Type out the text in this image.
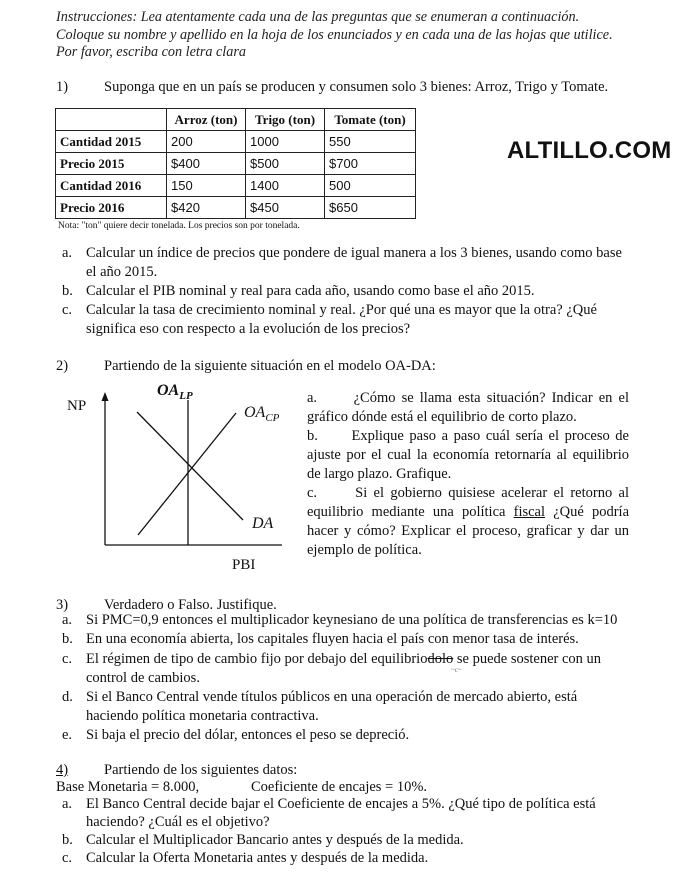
Instrucciones: Lea atentamente cada una de las preguntas que se enumeran a continuación.
Coloque su nombre y apellido en la hoja de los enunciados y en cada una de las hojas que utilice.
Por favor, escriba con letra clara
1) Suponga que en un país se producen y consumen solo 3 bienes: Arroz, Trigo y Tomate.
	Arroz (ton)	Trigo (ton)	Tomate (ton)
Cantidad 2015	200	1000	550
Precio 2015	$400	$500	$700
Cantidad 2016	150	1400	500
Precio 2016	$420	$450	$650
Nota: "ton" quiere decir tonelada. Los precios son por tonelada.
ALTILLO.COM
a. Calcular un índice de precios que pondere de igual manera a los 3 bienes, usando como base
el año 2015.
b. Calcular el PIB nominal y real para cada año, usando como base el año 2015.
c. Calcular la tasa de crecimiento nominal y real. ¿Por qué una es mayor que la otra? ¿Qué
significa eso con respecto a la evolución de los precios?
2) Partiendo de la siguiente situación en el modelo OA-DA:
NP
$OA_{LP}$
$OA_{CP}$
DA
PBI
a.	¿Cómo se llama esta situación? Indicar en el gráfico dónde está el equilibrio de corto plazo.
b. Explique paso a paso cuál sería el proceso de ajuste por el cual la economía retornaría al equilibrio de largo plazo. Grafique.
c.	Si el gobierno quisiese acelerar el retorno al equilibrio mediante una política fiscal ¿Qué podría hacer y cómo? Explicar el proceso, graficar y dar un ejemplo de política.
3) Verdadero o Falso. Justifique.
a. Si PMC=0,9 entonces el multiplicador keynesiano de una política de transferencias es k=10
b. En una economía abierta, los capitales fluyen hacia el país con menor tasa de interés.
c. El régimen de tipo de cambio fijo por debajo del equilibriodolo se puede sostener con un
~c~
control de cambios.
d. Si el Banco Central vende títulos públicos en una operación de mercado abierto, está
haciendo política monetaria contractiva.
e. Si baja el precio del dólar, entonces el peso se depreció.
4) Partiendo de los siguientes datos:
Base Monetaria = 8.000,	Coeficiente de encajes = 10%.
a. El Banco Central decide bajar el Coeficiente de encajes a 5%. ¿Qué tipo de política está
haciendo? ¿Cuál es el objetivo?
b. Calcular el Multiplicador Bancario antes y después de la medida.
c. Calcular la Oferta Monetaria antes y después de la medida.
